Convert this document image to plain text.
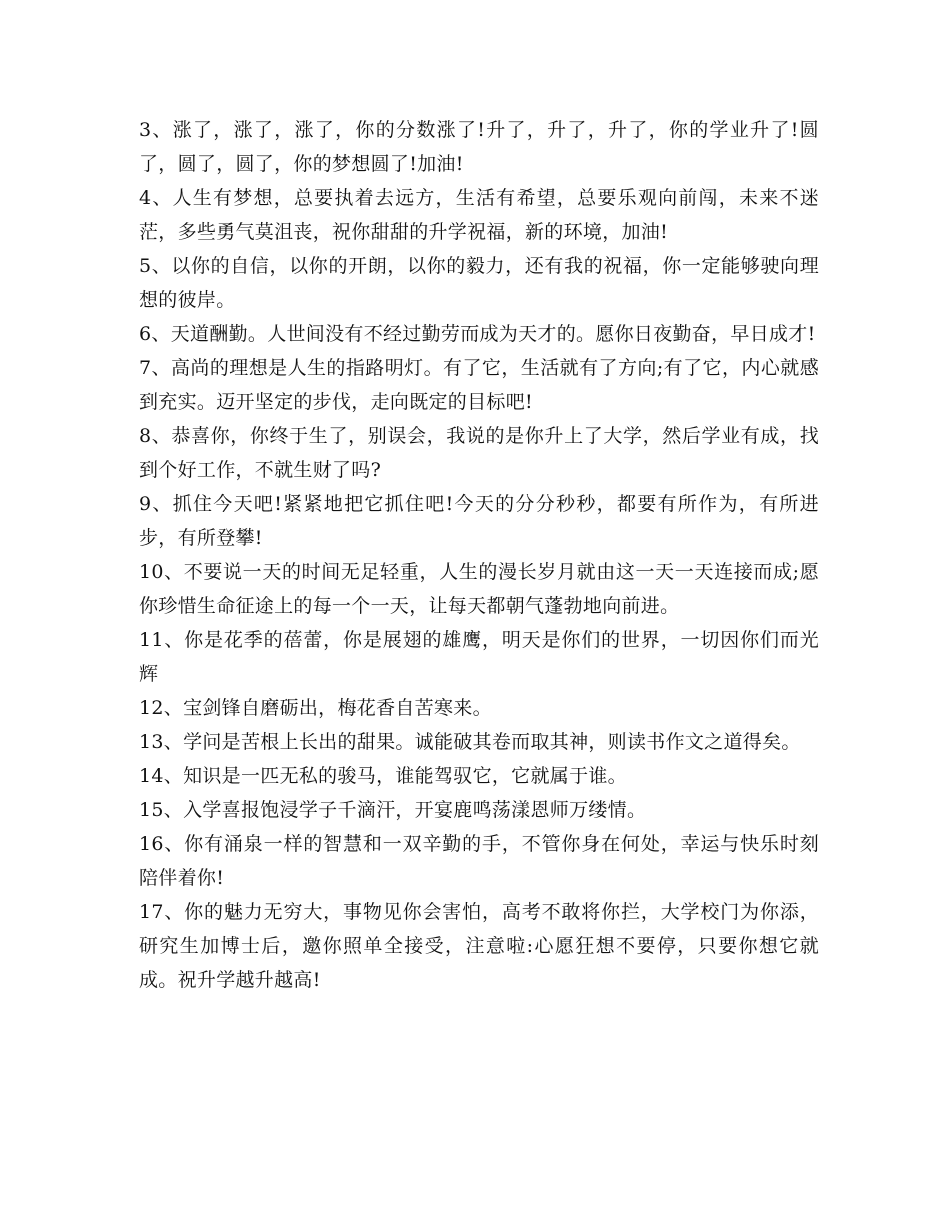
3、涨了，涨了，涨了，你的分数涨了!升了，升了，升了，你的学业升了!圆了，圆了，圆了，你的梦想圆了!加油!

4、人生有梦想，总要执着去远方，生活有希望，总要乐观向前闯，未来不迷茫，多些勇气莫沮丧，祝你甜甜的升学祝福，新的环境，加油!

5、以你的自信，以你的开朗，以你的毅力，还有我的祝福，你一定能够驶向理想的彼岸。

6、天道酬勤。人世间没有不经过勤劳而成为天才的。愿你日夜勤奋，早日成才!

7、高尚的理想是人生的指路明灯。有了它，生活就有了方向;有了它，内心就感到充实。迈开坚定的步伐，走向既定的目标吧!

8、恭喜你，你终于生了，别误会，我说的是你升上了大学，然后学业有成，找到个好工作，不就生财了吗?

9、抓住今天吧!紧紧地把它抓住吧!今天的分分秒秒，都要有所作为，有所进步，有所登攀!

10、不要说一天的时间无足轻重，人生的漫长岁月就由这一天一天连接而成;愿你珍惜生命征途上的每一个一天，让每天都朝气蓬勃地向前进。

11、你是花季的蓓蕾，你是展翅的雄鹰，明天是你们的世界，一切因你们而光辉

12、宝剑锋自磨砺出，梅花香自苦寒来。

13、学问是苦根上长出的甜果。诚能破其卷而取其神，则读书作文之道得矣。

14、知识是一匹无私的骏马，谁能驾驭它，它就属于谁。

15、入学喜报饱浸学子千滴汗，开宴鹿鸣荡漾恩师万缕情。

16、你有涌泉一样的智慧和一双辛勤的手，不管你身在何处，幸运与快乐时刻陪伴着你!

17、你的魅力无穷大，事物见你会害怕，高考不敢将你拦，大学校门为你添，研究生加博士后，邀你照单全接受，注意啦:心愿狂想不要停，只要你想它就成。祝升学越升越高!
